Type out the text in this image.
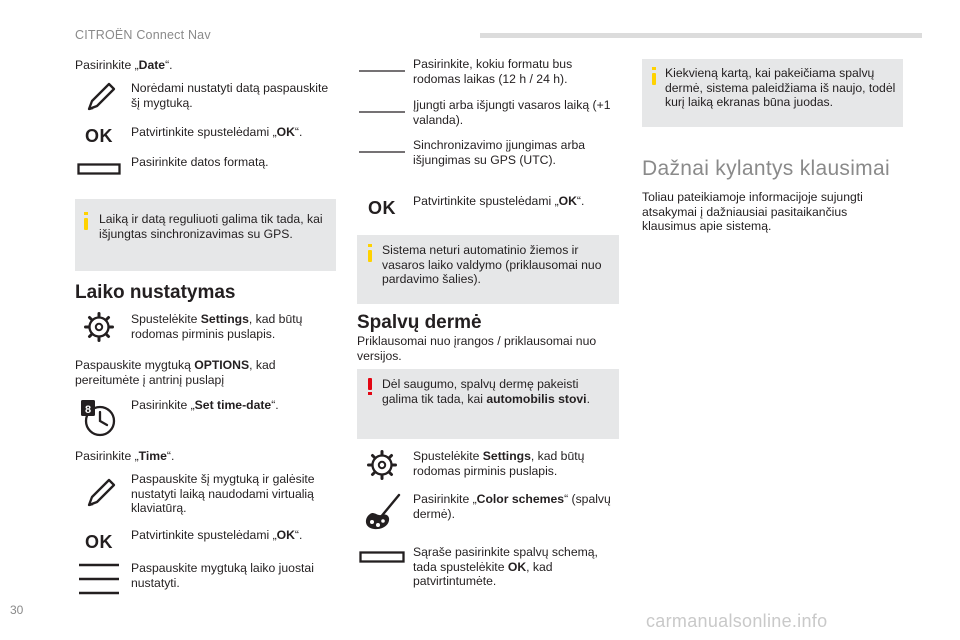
CITROËN Connect Nav
Pasirinkite „Date“.
Norėdami nustatyti datą paspauskite šį mygtuką.
OK Patvirtinkite spustelėdami „OK“.
Pasirinkite datos formatą.
Laiką ir datą reguliuoti galima tik tada, kai išjungtas sinchronizavimas su GPS.
Laiko nustatymas
Spustelėkite Settings, kad būtų rodomas pirminis puslapis.
Paspauskite mygtuką OPTIONS, kad pereitumėte į antrinį puslapį
8	Pasirinkite „Set time-date“.
Pasirinkite „Time“.
Paspauskite šį mygtuką ir galėsite nustatyti laiką naudodami virtualią klaviatūrą.
OK Patvirtinkite spustelėdami „OK“.
Paspauskite mygtuką laiko juostai nustatyti.
Pasirinkite, kokiu formatu bus rodomas laikas (12 h / 24 h).
Įjungti arba išjungti vasaros laiką (+1 valanda).
Sinchronizavimo įjungimas arba išjungimas su GPS (UTC).
OK Patvirtinkite spustelėdami „OK“.
Sistema neturi automatinio žiemos ir vasaros laiko valdymo (priklausomai nuo pardavimo šalies).
Spalvų dermė
Priklausomai nuo įrangos / priklausomai nuo versijos.
Dėl saugumo, spalvų dermę pakeisti galima tik tada, kai automobilis stovi.
Spustelėkite Settings, kad būtų rodomas pirminis puslapis.
Pasirinkite „Color schemes“ (spalvų dermė).
Sąraše pasirinkite spalvų schemą, tada spustelėkite OK, kad patvirtintumėte.
Kiekvieną kartą, kai pakeičiama spalvų dermė, sistema paleidžiama iš naujo, todėl kurį laiką ekranas būna juodas.
Dažnai kylantys klausimai
Toliau pateikiamoje informacijoje sujungti atsakymai į dažniausiai pasitaikančius klausimus apie sistemą.
30
carmanualsonline.info
